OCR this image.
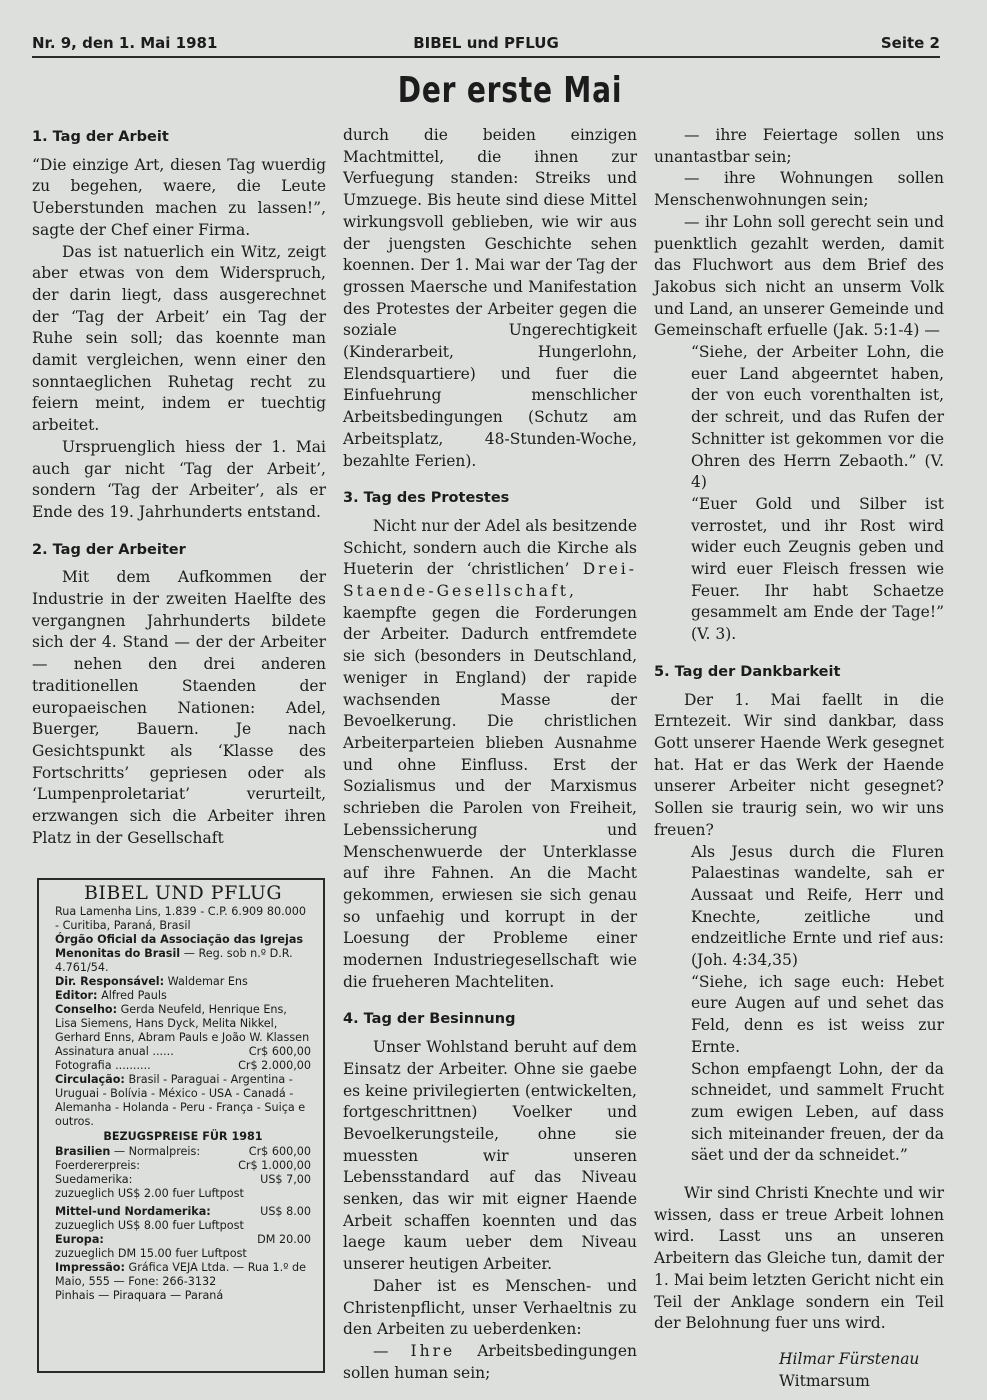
Nr. 9, den 1. Mai 1981	BIBEL und PFLUG	Seite 2
Der erste Mai

1. Tag der Arbeit

“Die einzige Art, diesen Tag wuerdig zu begehen, waere, die Leute Ueberstunden machen zu lassen!”, sagte der Chef einer Firma.

Das ist natuerlich ein Witz, zeigt aber etwas von dem Widerspruch, der darin liegt, dass ausgerechnet der ‘Tag der Arbeit’ ein Tag der Ruhe sein soll; das koennte man damit vergleichen, wenn einer den sonntaeglichen Ruhetag recht zu feiern meint, indem er tuechtig arbeitet.

Urspruenglich hiess der 1. Mai auch gar nicht ‘Tag der Arbeit’, sondern ‘Tag der Arbeiter’, als er Ende des 19. Jahrhunderts entstand.

2. Tag der Arbeiter

Mit dem Aufkommen der Industrie in der zweiten Haelfte des vergangnen Jahrhunderts bildete sich der 4. Stand — der der Arbeiter — nehen den drei anderen traditionellen Staenden der europaeischen Nationen: Adel, Buerger, Bauern. Je nach Gesichtspunkt als ‘Klasse des Fortschritts’ gepriesen oder als ‘Lumpenproletariat’ verurteilt, erzwangen sich die Arbeiter ihren Platz in der Gesellschaft

BIBEL UND PFLUG
Rua Lamenha Lins, 1.839 - C.P. 6.909 80.000 - Curitiba, Paraná, Brasil
Órgão Oficial da Associação das Igrejas Menonitas do Brasil — Reg. sob n.º D.R. 4.761/54.
Dir. Responsável: Waldemar Ens
Editor: Alfred Pauls
Conselho: Gerda Neufeld, Henrique Ens, Lisa Siemens, Hans Dyck, Melita Nikkel, Gerhard Enns, Abram Pauls e João W. Klassen
Assinatura anual ......	Cr$ 600,00
Fotografia ..........	Cr$ 2.000,00
Circulação: Brasil - Paraguai - Argentina - Uruguai - Bolívia - México - USA - Canadá - Alemanha - Holanda - Peru - França - Suiça e outros.
BEZUGSPREISE FÜR 1981
Brasilien — Normalpreis:	Cr$ 600,00
Foerdererpreis:	Cr$ 1.000,00
Suedamerika:	US$ 7,00
zuzueglich US$ 2.00 fuer Luftpost
Mittel-und Nordamerika:	US$ 8.00
zuzueglich US$ 8.00 fuer Luftpost
Europa:	DM 20.00
zuzueglich DM 15.00 fuer Luftpost
Impressão: Gráfica VEJA Ltda. — Rua 1.º de Maio, 555 — Fone: 266-3132
Pinhais — Piraquara — Paraná

durch die beiden einzigen Machtmittel, die ihnen zur Verfuegung standen: Streiks und Umzuege. Bis heute sind diese Mittel wirkungsvoll geblieben, wie wir aus der juengsten Geschichte sehen koennen. Der 1. Mai war der Tag der grossen Maersche und Manifestation des Protestes der Arbeiter gegen die soziale Ungerechtigkeit (Kinderarbeit, Hungerlohn, Elendsquartiere) und fuer die Einfuehrung menschlicher Arbeitsbedingungen (Schutz am Arbeitsplatz, 48-Stunden-Woche, bezahlte Ferien).

3. Tag des Protestes

Nicht nur der Adel als besitzende Schicht, sondern auch die Kirche als Hueterin der ‘christlichen’ Drei-Staende-Gesellschaft, kaempfte gegen die Forderungen der Arbeiter. Dadurch entfremdete sie sich (besonders in Deutschland, weniger in England) der rapide wachsenden Masse der Bevoelkerung. Die christlichen Arbeiterparteien blieben Ausnahme und ohne Einfluss. Erst der Sozialismus und der Marxismus schrieben die Parolen von Freiheit, Lebenssicherung und Menschenwuerde der Unterklasse auf ihre Fahnen. An die Macht gekommen, erwiesen sie sich genau so unfaehig und korrupt in der Loesung der Probleme einer modernen Industriegesellschaft wie die frueheren Machteliten.

4. Tag der Besinnung

Unser Wohlstand beruht auf dem Einsatz der Arbeiter. Ohne sie gaebe es keine privilegierten (entwickelten, fortgeschrittnen) Voelker und Bevoelkerungsteile, ohne sie muessten wir unseren Lebensstandard auf das Niveau senken, das wir mit eigner Haende Arbeit schaffen koennten und das laege kaum ueber dem Niveau unserer heutigen Arbeiter.

Daher ist es Menschen- und Christenpflicht, unser Verhaeltnis zu den Arbeiten zu ueberdenken:

— Ihre Arbeitsbedingungen sollen human sein;

— ihre Feiertage sollen uns unantastbar sein;

— ihre Wohnungen sollen Menschenwohnungen sein;

— ihr Lohn soll gerecht sein und puenktlich gezahlt werden, damit das Fluchwort aus dem Brief des Jakobus sich nicht an unserm Volk und Land, an unserer Gemeinde und Gemeinschaft erfuelle (Jak. 5:1-4) —

“Siehe, der Arbeiter Lohn, die euer Land abgeerntet haben, der von euch vorenthalten ist, der schreit, und das Rufen der Schnitter ist gekommen vor die Ohren des Herrn Zebaoth.” (V. 4)

“Euer Gold und Silber ist verrostet, und ihr Rost wird wider euch Zeugnis geben und wird euer Fleisch fressen wie Feuer. Ihr habt Schaetze gesammelt am Ende der Tage!” (V. 3).

5. Tag der Dankbarkeit

Der 1. Mai faellt in die Erntezeit. Wir sind dankbar, dass Gott unserer Haende Werk gesegnet hat. Hat er das Werk der Haende unserer Arbeiter nicht gesegnet? Sollen sie traurig sein, wo wir uns freuen?

Als Jesus durch die Fluren Palaestinas wandelte, sah er Aussaat und Reife, Herr und Knechte, zeitliche und endzeitliche Ernte und rief aus: (Joh. 4:34,35)

“Siehe, ich sage euch: Hebet eure Augen auf und sehet das Feld, denn es ist weiss zur Ernte.

Schon empfaengt Lohn, der da schneidet, und sammelt Frucht zum ewigen Leben, auf dass sich miteinander freuen, der da säet und der da schneidet.”

Wir sind Christi Knechte und wir wissen, dass er treue Arbeit lohnen wird. Lasst uns an unseren Arbeitern das Gleiche tun, damit der 1. Mai beim letzten Gericht nicht ein Teil der Anklage sondern ein Teil der Belohnung fuer uns wird.

Hilmar Fürstenau

Witmarsum
